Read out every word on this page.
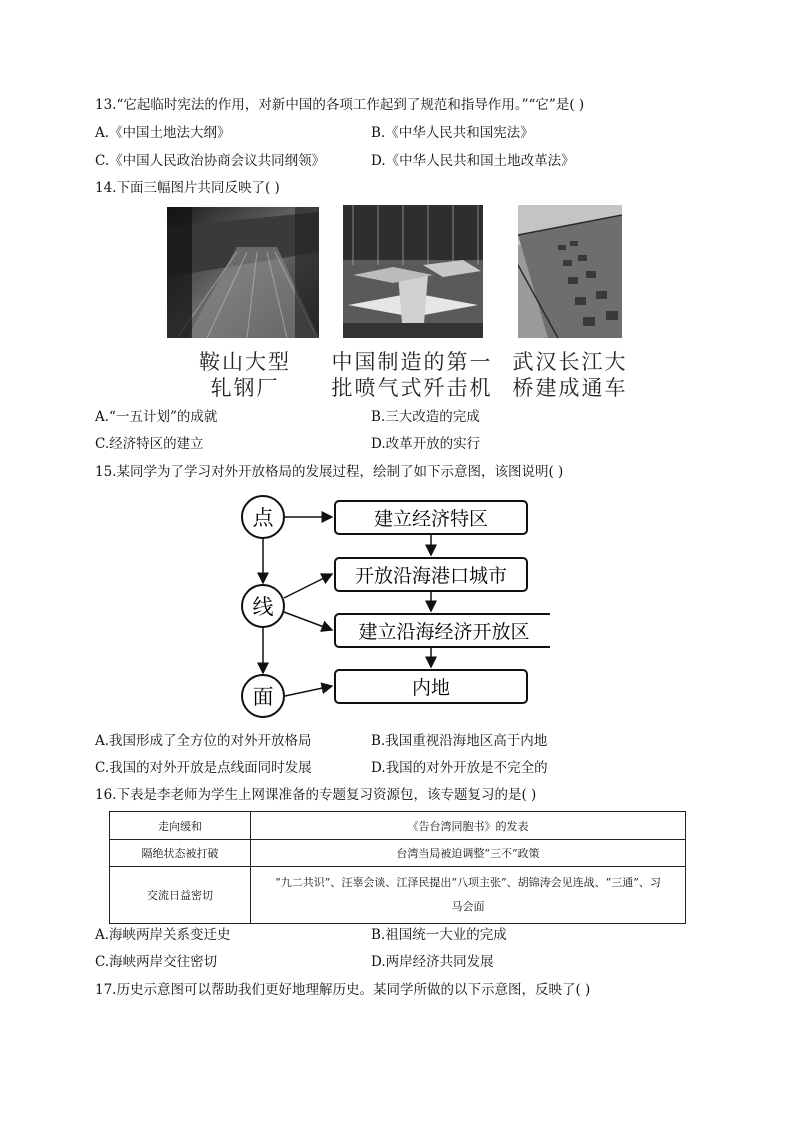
13.“它起临时宪法的作用，对新中国的各项工作起到了规范和指导作用。”“它”是( )
A.《中国土地法大纲》	B.《中华人民共和国宪法》
C.《中国人民政治协商会议共同纲领》	D.《中华人民共和国土地改革法》
14.下面三幅图片共同反映了( )
鞍山大型
轧钢厂
中国制造的第一
批喷气式歼击机
武汉长江大
桥建成通车
A.“一五计划”的成就	B.三大改造的完成
C.经济特区的建立	D.改革开放的实行
15.某同学为了学习对外开放格局的发展过程，绘制了如下示意图，该图说明( )
点
线
面
建立经济特区
开放沿海港口城市
建立沿海经济开放区
内地
A.我国形成了全方位的对外开放格局	B.我国重视沿海地区高于内地
C.我国的对外开放是点线面同时发展	D.我国的对外开放是不完全的
16.下表是李老师为学生上网课准备的专题复习资源包，该专题复习的是( )
走向缓和	《告台湾同胞书》的发表
隔绝状态被打破	台湾当局被迫调整“三不”政策
交流日益密切	“九二共识”、汪辜会谈、江泽民提出“八项主张”、胡锦涛会见连战、“三通”、习马会面
A.海峡两岸关系变迁史	B.祖国统一大业的完成
C.海峡两岸交往密切	D.两岸经济共同发展
17.历史示意图可以帮助我们更好地理解历史。某同学所做的以下示意图，反映了( )
